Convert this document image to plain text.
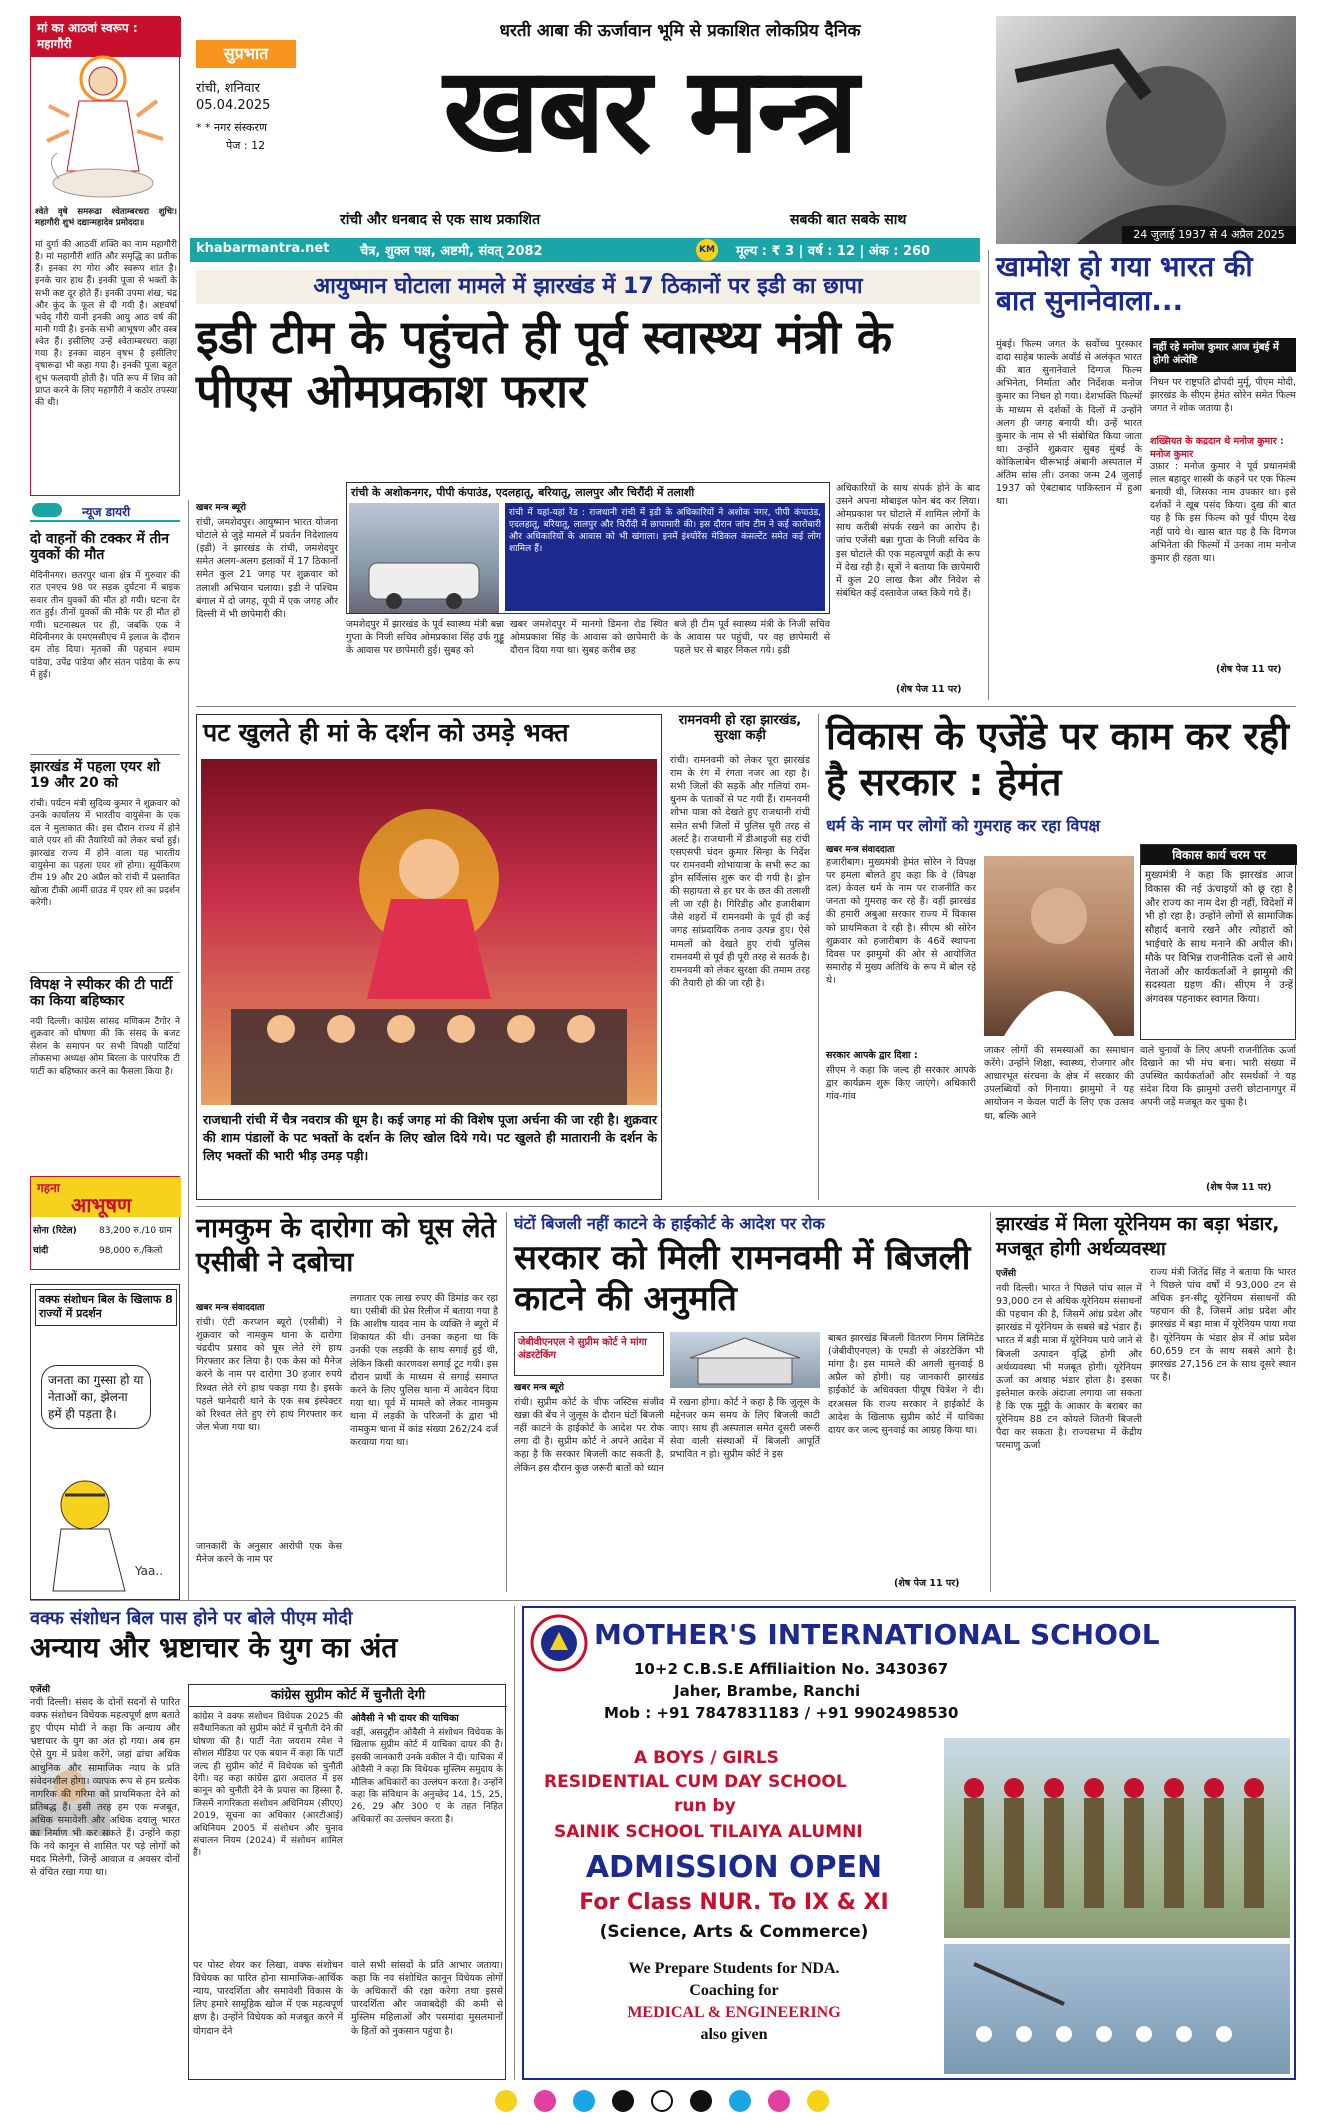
मां का आठवां स्वरूप : महागौरी
श्वेते वृषे समरूढा श्वेताम्बरधरा शुचिः। महागौरी शुभं दद्यान्महादेव प्रमोददा॥
मां दुर्गा की आठवीं शक्ति का नाम महागौरी है। मां महागौरी शांति और समृद्धि का प्रतीक हैं। इनका रंग गोरा और स्वरूप शांत है। इनके चार हाथ हैं। इनकी पूजा से भक्तों के सभी कष्ट दूर होते हैं। इनकी उपमा शंख, चंद्र और कुंद के फूल से दी गयी है। अष्टवर्षा भवेद् गौरी यानी इनकी आयु आठ वर्ष की मानी गयी है। इनके सभी आभूषण और वस्त्र श्वेत हैं। इसीलिए उन्हें श्वेताम्बरधरा कहा गया है। इनका वाहन वृषभ है इसीलिए वृषारूढ़ा भी कहा गया है। इनकी पूजा बहुत शुभ फलदायी होती है। पति रूप में शिव को प्राप्त करने के लिए महागौरी ने कठोर तपस्या की थी।
सुप्रभात
रांची, शनिवार
05.04.2025
* * नगर संस्करण
पेज : 12
धरती आबा की ऊर्जावान भूमि से प्रकाशित लोकप्रिय दैनिक
खबर मन्त्र
रांची और धनबाद से एक साथ प्रकाशित	सबकी बात सबके साथ
khabarmantra.net चैत्र, शुक्ल पक्ष, अष्टमी, संवत् 2082	KM मूल्य : ₹ 3 | वर्ष : 12 | अंक : 260
24 जुलाई 1937 से 4 अप्रैल 2025
न्यूज डायरी
दो वाहनों की टक्कर में तीन युवकों की मौत
मेदिनीनगर। छतरपुर थाना क्षेत्र में गुरुवार की रात एनएच 98 पर सड़क दुर्घटना में बाइक सवार तीन युवकों की मौत हो गयी। घटना देर रात हुई। तीनों युवकों की मौके पर ही मौत हो गयी। घटनास्थल पर ही, जबकि एक ने मेदिनीनगर के एमएमसीएच में इलाज के दौरान दम तोड़ दिया। मृतकों की पहचान श्याम पांडेया, उपेंद्र पांडेया और संतन पांडेया के रूप में हुई।
झारखंड में पहला एयर शो 19 और 20 को
रांची। पर्यटन मंत्री सुदिव्य कुमार ने शुक्रवार को उनके कार्यालय में भारतीय वायुसेना के एक दल ने मुलाकात की। इस दौरान राज्य में होने वाले एयर शो की तैयारियों को लेकर चर्चा हुई। झारखंड राज्य में होने वाला यह भारतीय वायुसेना का पहला एयर शो होगा। सूर्यकिरण टीम 19 और 20 अप्रैल को रांची में प्रस्तावित खोजा टीकी आर्मी ग्राउंड में एयर शो का प्रदर्शन करेगी।
विपक्ष ने स्पीकर की टी पार्टी का किया बहिष्कार
नयी दिल्ली। कांग्रेस सांसद मणिकम टैगोर ने शुक्रवार को घोषणा की कि संसद के बजट सेशन के समापन पर सभी विपक्षी पार्टियां लोकसभा अध्यक्ष ओम बिरला के पारंपरिक टी पार्टी का बहिष्कार करने का फैसला किया है।
गहना
आभूषण
सोना (रिटेल) 83,200 रु./10 ग्राम
चांदी	98,000 रु./किलो
वक्फ संशोधन बिल के खिलाफ 8 राज्यों में प्रदर्शन
जनता का गुस्सा हो या नेताओं का, झेलना हमें ही पड़ता है।
Yaa..
आयुष्मान घोटाला मामले में झारखंड में 17 ठिकानों पर इडी का छापा
इडी टीम के पहुंचते ही पूर्व स्वास्थ्य मंत्री के पीएस ओमप्रकाश फरार
खबर मन्त्र ब्यूरो
रांची, जमशेदपुर। आयुष्मान भारत योजना घोटाले से जुड़े मामले में प्रवर्तन निदेशालय (इडी) ने झारखंड के रांची, जमशेदपुर समेत अलग-अलग इलाकों में 17 ठिकानों समेत कुल 21 जगह पर शुक्रवार को तलाशी अभियान चलाया। इडी ने पश्चिम बंगाल में दो जगह, यूपी में एक जगह और दिल्ली में भी छापेमारी की।
रांची के अशोकनगर, पीपी कंपाउंड, एदलहातू, बरियातू, लालपुर और चिरौंदी में तलाशी
रांची में यहां-यहां रेड : राजधानी रांची में इडी के अधिकारियों ने अशोक नगर, पीपी कंपाउंड, एदलहातू, बरियातू, लालपुर और चिरौंदी में छापामारी की। इस दौरान जांच टीम ने कई कारोबारी और अधिकारियों के आवास को भी खंगाला। इनमें इंश्योरेंस मेडिकल कंसल्टेंट समेत कई लोग शामिल हैं।
जमशेदपुर में झारखंड के पूर्व स्वास्थ्य मंत्री बन्ना गुप्ता के निजी सचिव ओमप्रकाश सिंह उर्फ गुड्डू के आवास पर छापेमारी हुई। सुबह को
खबर जमशेदपुर में मानगो डिमना रोड स्थित ओमप्रकाश सिंह के आवास को छापेमारी के दौरान दिया गया था। सुबह करीब छह
बजे ही टीम पूर्व स्वास्थ्य मंत्री के निजी सचिव के आवास पर पहुंची, पर वह छापेमारी से पहले घर से बाहर निकल गये। इडी
अधिकारियों के साथ संपर्क होने के बाद उसने अपना मोबाइल फोन बंद कर लिया। ओमप्रकाश पर घोटाले में शामिल लोगों के साथ करीबी संपर्क रखने का आरोप है। जांच एजेंसी बन्ना गुप्ता के निजी सचिव के इस घोटाले की एक महत्वपूर्ण कड़ी के रूप में देख रही है। सूत्रों ने बताया कि छापेमारी में कुल 20 लाख कैश और निवेश से संबंधित कई दस्तावेज जब्त किये गये हैं।
(शेष पेज 11 पर)
खामोश हो गया भारत की बात सुनानेवाला...
मुंबई। फिल्म जगत के सर्वोच्च पुरस्कार दादा साहेब फाल्के अवॉर्ड से अलंकृत भारत की बात सुनानेवाले दिग्गज फिल्म अभिनेता, निर्माता और निर्देशक मनोज कुमार का निधन हो गया। देशभक्ति फिल्मों के माध्यम से दर्शकों के दिलों में उन्होंने अलग ही जगह बनायी थी। उन्हें भारत कुमार के नाम से भी संबोधित किया जाता था। उन्होंने शुक्रवार सुबह मुंबई के कोकिलाबेन धीरूभाई अंबानी अस्पताल में अंतिम सांस ली। उनका जन्म 24 जुलाई 1937 को ऐबटाबाद पाकिस्तान में हुआ था।
नहीं रहे मनोज कुमार आज मुंबई में होगी अंत्येष्टि
निधन पर राष्ट्रपति द्रौपदी मुर्मू, पीएम मोदी, झारखंड के सीएम हेमंत सोरेन समेत फिल्म जगत ने शोक जताया है।
शख्सियत के कद्रदान थे मनोज कुमार : मनोज कुमार
उफ़ार : मनोज कुमार ने पूर्व प्रधानमंत्री लाल बहादुर शास्त्री के कहने पर एक फिल्म बनायी थी, जिसका नाम उपकार था। इसे दर्शकों ने खूब पसंद किया। दुख की बात यह है कि इस फिल्म को पूर्व पीएम देख नहीं पाये थे। खास बात यह है कि दिग्गज अभिनेता की फिल्मों में उनका नाम मनोज कुमार ही रहता था।
(शेष पेज 11 पर)
पट खुलते ही मां के दर्शन को उमड़े भक्त
राजधानी रांची में चैत्र नवरात्र की धूम है। कई जगह मां की विशेष पूजा अर्चना की जा रही है। शुक्रवार की शाम पंडालों के पट भक्तों के दर्शन के लिए खोल दिये गये। पट खुलते ही मातारानी के दर्शन के लिए भक्तों की भारी भीड़ उमड़ पड़ी।
रामनवमी हो रहा झारखंड, सुरक्षा कड़ी
रांची। रामनवमी को लेकर पूरा झारखंड राम के रंग में रंगता नजर आ रहा है। सभी जिलों की सड़कें और गलियां राम-धुनम के पताकों से पट गयी हैं। रामनवमी शोभा यात्रा को देखते हुए राजधानी रांची समेत सभी जिलों में पुलिस पूरी तरह से अलर्ट है। राजधानी में डीआइजी सह रांची एसएसपी चंदन कुमार सिन्हा के निर्देश पर रामनवमी शोभायात्रा के सभी रूट का ड्रोन सर्विलांस शुरू कर दी गयी है। ड्रोन की सहायता से हर घर के छत की तलाशी ली जा रही है। गिरिडीह और हजारीबाग जैसे शहरों में रामनवमी के पूर्व ही कई जगह सांप्रदायिक तनाव उत्पन्न हुए। ऐसे मामलों को देखते हुए रांची पुलिस रामनवमी से पूर्व ही पूरी तरह से सतर्क है। रामनवमी को लेकर सुरक्षा की तमाम तरह की तैयारी हो की जा रही है।
विकास के एजेंडे पर काम कर रही है सरकार : हेमंत
धर्म के नाम पर लोगों को गुमराह कर रहा विपक्ष
खबर मन्त्र संवाददाता
हजारीबाग। मुख्यमंत्री हेमंत सोरेन ने विपक्ष पर हमला बोलते हुए कहा कि वे (विपक्ष दल) केवल धर्म के नाम पर राजनीति कर जनता को गुमराह कर रहे हैं। वहीं झारखंड की हमारी अबुआ सरकार राज्य में विकास को प्राथमिकता दे रही है। सीएम श्री सोरेन शुक्रवार को हजारीबाग के 46वें स्थापना दिवस पर झामुमो की ओर से आयोजित समारोह में मुख्य अतिथि के रूप में बोल रहे थे।
सरकार आपके द्वार दिशा :
सीएम ने कहा कि जल्द ही सरकार आपके द्वार कार्यक्रम शुरू किए जाएंगे। अधिकारी गांव-गांव
विकास कार्य चरम पर
मुख्यमंत्री ने कहा कि झारखंड आज विकास की नई ऊंचाइयों को छू रहा है और राज्य का नाम देश ही नहीं, विदेशों में भी हो रहा है। उन्होंने लोगों से सामाजिक सौहार्द बनाये रखने और त्योहारों को भाईचारे के साथ मनाने की अपील की। मौके पर विभिन्न राजनीतिक दलों से आये नेताओं और कार्यकर्ताओं ने झामुमो की सदस्यता ग्रहण की। सीएम ने उन्हें अंगवस्त्र पहनाकर स्वागत किया।
जाकर लोगों की समस्याओं का समाधान करेंगे। उन्होंने शिक्षा, स्वास्थ्य, रोजगार और आधारभूत संरचना के क्षेत्र में सरकार की उपलब्धियों को गिनाया। झामुमो ने यह आयोजन न केवल पार्टी के लिए एक उत्सव था, बल्कि आने
वाले चुनावों के लिए अपनी राजनीतिक ऊर्जा दिखाने का भी मंच बना। भारी संख्या में उपस्थित कार्यकर्ताओं और समर्थकों ने यह संदेश दिया कि झामुमो उत्तरी छोटानागपुर में अपनी जड़ें मजबूत कर चुका है।
(शेष पेज 11 पर)
नामकुम के दारोगा को घूस लेते एसीबी ने दबोचा
खबर मन्त्र संवाददाता
रांची। एंटी करप्शन ब्यूरो (एसीबी) ने शुक्रवार को नामकुम थाना के दारोगा चंद्रदीप प्रसाद को घूस लेते रंगे हाथ गिरफ्तार कर लिया है। एक केस को मैनेज करने के नाम पर दारोगा 30 हजार रुपये रिश्वत लेते रंगे हाथ पकड़ा गया है। इसके पहले थानेदारी थाने के एक सब इंस्पेक्टर को रिश्वत लेते हुए रंगे हाथ गिरफ्तार कर जेल भेजा गया था।
जानकारी के अनुसार आरोपी एक केस मैनेज करने के नाम पर
लगातार एक लाख रुपए की डिमांड कर रहा था। एसीबी की प्रेस रिलीज में बताया गया है कि आशीष यादव नाम के व्यक्ति ने ब्यूरो में शिकायत की थी। उनका कहना था कि उनकी एक लड़की के साथ सगाई हुई थी, लेकिन किसी कारणवश सगाई टूट गयी। इस दौरान प्रार्थी के माध्यम से सगाई समाप्त करने के लिए पुलिस थाना में आवेदन दिया गया था। पूर्व में मामले को लेकर नामकुम थाना में लड़की के परिजनों के द्वारा भी नामकुम थाना में कांड संख्या 262/24 दर्ज करवाया गया था।
घंटों बिजली नहीं काटने के हाईकोर्ट के आदेश पर रोक
सरकार को मिली रामनवमी में बिजली काटने की अनुमति
जेबीवीएनएल ने सुप्रीम कोर्ट ने मांगा अंडरटेकिंग
खबर मन्त्र ब्यूरो
रांची। सुप्रीम कोर्ट के चीफ जस्टिस संजीव खन्ना की बेंच ने जुलूस के दौरान घंटों बिजली नहीं काटने के हाईकोर्ट के आदेश पर रोक लगा दी है। सुप्रीम कोर्ट ने अपने आदेश में कहा है कि सरकार बिजली काट सकती है, लेकिन इस दौरान कुछ जरूरी बातों को ध्यान
में रखना होगा। कोर्ट ने कहा है कि जुलूस के मद्देनजर कम समय के लिए बिजली काटी जाए। साथ ही अस्पताल समेत दूसरी जरूरी सेवा वाली संस्थाओं में बिजली आपूर्ति प्रभावित न हो। सुप्रीम कोर्ट ने इस
बाबत झारखंड बिजली वितरण निगम लिमिटेड (जेबीवीएनएल) के एमडी से अंडरटेकिंग भी मांगा है। इस मामले की अगली सुनवाई 8 अप्रैल को होगी। यह जानकारी झारखंड हाईकोर्ट के अधिवक्ता पीयूष चित्रेश ने दी। दरअसल कि राज्य सरकार ने हाईकोर्ट के आदेश के खिलाफ सुप्रीम कोर्ट में याचिका दायर कर जल्द सुनवाई का आग्रह किया था।
(शेष पेज 11 पर)
झारखंड में मिला यूरेनियम का बड़ा भंडार, मजबूत होगी अर्थव्यवस्था
एजेंसी
नयी दिल्ली। भारत ने पिछले पांच साल में 93,000 टन से अधिक यूरेनियम संसाधनों की पहचान की है, जिसमें आंध्र प्रदेश और झारखंड में यूरेनियम के सबसे बड़े भंडार हैं। भारत में बड़ी मात्रा में यूरेनियम पाये जाने से बिजली उत्पादन वृद्धि होगी और अर्थव्यवस्था भी मजबूत होगी। यूरेनियम ऊर्जा का अथाह भंडार होता है। इसका इस्तेमाल करके अंदाजा लगाया जा सकता है कि एक मुट्ठी के आकार के बराबर का यूरेनियम 88 टन कोयले जितनी बिजली पैदा कर सकता है। राज्यसभा में केंद्रीय परमाणु ऊर्जा
राज्य मंत्री जितेंद्र सिंह ने बताया कि भारत ने पिछले पांच वर्षों में 93,000 टन से अधिक इन-सीटू यूरेनियम संसाधनों की पहचान की है, जिसमें आंध्र प्रदेश और झारखंड में बड़ा मात्रा में यूरेनियम पाया गया है। यूरेनियम के भंडार क्षेत्र में आंध्र प्रदेश 60,659 टन के साथ सबसे आगे है। झारखंड 27,156 टन के साथ दूसरे स्थान पर है।
वक्फ संशोधन बिल पास होने पर बोले पीएम मोदी
अन्याय और भ्रष्टाचार के युग का अंत
एजेंसी
नयी दिल्ली। संसद के दोनों सदनों से पारित वक्फ संशोधन विधेयक महत्वपूर्ण क्षण बताते हुए पीएम मोदी ने कहा कि अन्याय और भ्रष्टाचार के युग का अंत हो गया। अब हम ऐसे युग में प्रवेश करेंगे, जहां ढांचा अधिक आधुनिक और सामाजिक न्याय के प्रति संवेदनशील होगा। व्यापक रूप से हम प्रत्येक नागरिक की गरिमा को प्राथमिकता देने को प्रतिबद्ध हैं। इसी तरह हम एक मजबूत, अधिक समावेशी और अधिक दयालु भारत का निर्माण भी कर सकते हैं। उन्होंने कहा कि नये कानून से शासित पर पड़े लोगों को मदद मिलेगी, जिन्हें आवाज व अवसर दोनों से वंचित रखा गया था।
कांग्रेस सुप्रीम कोर्ट में चुनौती देगी
कांग्रेस ने वक्फ संशोधन विधेयक 2025 की संवैधानिकता को सुप्रीम कोर्ट में चुनौती देने की घोषणा की है। पार्टी नेता जयराम रमेश ने सोशल मीडिया पर एक बयान में कहा कि पार्टी जल्द ही सुप्रीम कोर्ट में विधेयक को चुनौती देगी। वह कहा कांग्रेस द्वारा अदालत में इस कानून को चुनौती देने के प्रयास का हिस्सा है, जिसमें नागरिकता संशोधन अधिनियम (सीएए) 2019, सूचना का अधिकार (आरटीआई) अधिनियम 2005 में संशोधन और चुनाव संचालन नियम (2024) में संशोधन शामिल हैं।
ओवैसी ने भी दायर की याचिका
वहीं, असदुद्दीन ओवैसी ने संशोधन विधेयक के खिलाफ सुप्रीम कोर्ट में याचिका दायर की है। इसकी जानकारी उनके वकील ने दी। याचिका में ओवैसी ने कहा कि विधेयक मुस्लिम समुदाय के मौलिक अधिकारों का उल्लंघन करता है। उन्होंने कहा कि संविधान के अनुच्छेद 14, 15, 25, 26, 29 और 300 ए के तहत निहित अधिकारों का उल्लंघन करता है।
पर पोस्ट शेयर कर लिखा, वक्फ संशोधन विधेयक का पारित होना सामाजिक-आर्थिक न्याय, पारदर्शिता और समावेशी विकास के लिए हमारे सामूहिक खोज में एक महत्वपूर्ण क्षण है। उन्होंने विधेयक को मजबूत करने में योगदान देने
वाले सभी सांसदों के प्रति आभार जताया। कहा कि नव संशोधित कानून विधेयक लोगों के अधिकारों की रक्षा करेगा तथा इससे पारदर्शिता और जवाबदेही की कमी से मुस्लिम महिलाओं और पसमांदा मुसलमानों के हितों को नुकसान पहुंचा है।
MOTHER'S INTERNATIONAL SCHOOL
10+2 C.B.S.E Affiliaition No. 3430367
Jaher, Brambe, Ranchi
Mob : +91 7847831183 / +91 9902498530
A BOYS / GIRLS
RESIDENTIAL CUM DAY SCHOOL
run by
SAINIK SCHOOL TILAIYA ALUMNI
ADMISSION OPEN
For Class NUR. To IX & XI
(Science, Arts & Commerce)
We Prepare Students for NDA.
Coaching for
MEDICAL & ENGINEERING
also given
